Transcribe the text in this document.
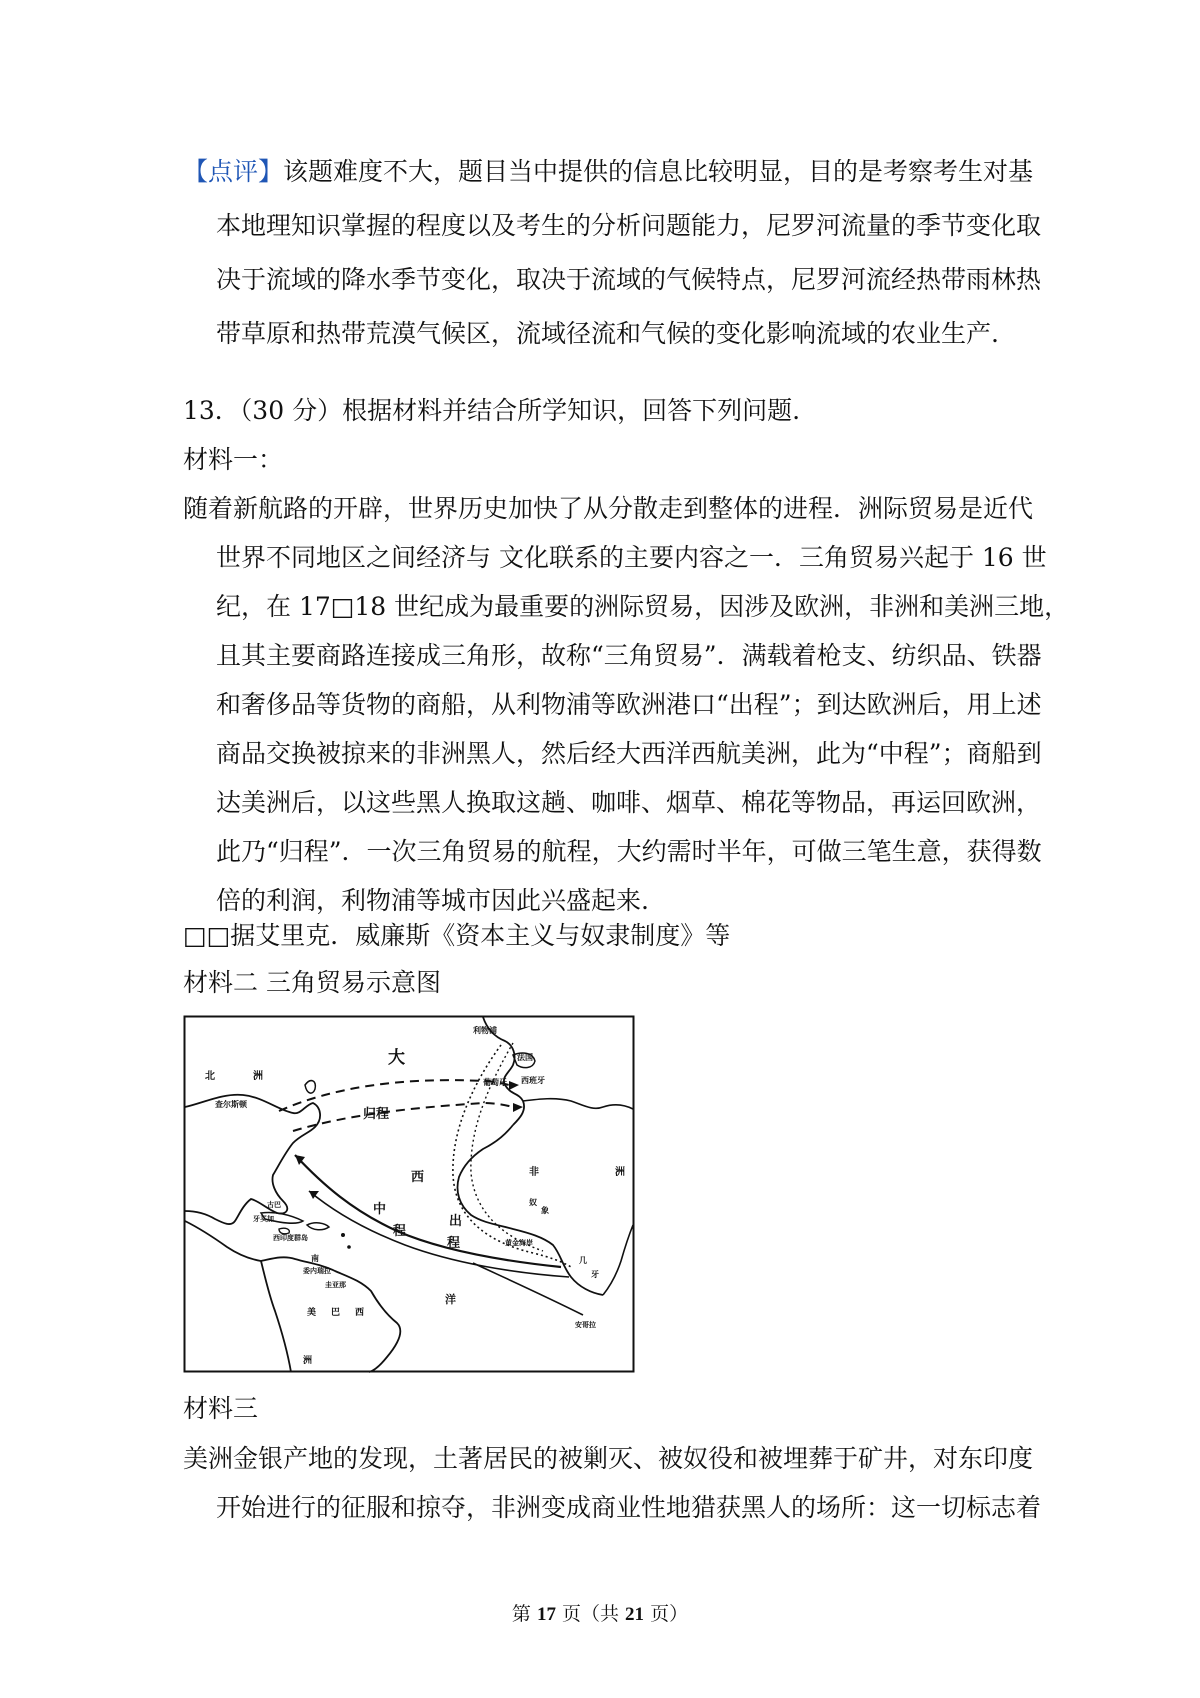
【点评】该题难度不大，题目当中提供的信息比较明显，目的是考察考生对基
本地理知识掌握的程度以及考生的分析问题能力，尼罗河流量的季节变化取
决于流域的降水季节变化，取决于流域的气候特点，尼罗河流经热带雨林热
带草原和热带荒漠气候区，流域径流和气候的变化影响流域的农业生产.
13．（30 分）根据材料并结合所学知识，回答下列问题.
材料一：
随着新航路的开辟，世界历史加快了从分散走到整体的进程．洲际贸易是近代
世界不同地区之间经济与 文化联系的主要内容之一．三角贸易兴起于 16 世
纪，在 17□18 世纪成为最重要的洲际贸易，因涉及欧洲，非洲和美洲三地，
且其主要商路连接成三角形，故称“三角贸易”．满载着枪支、纺织品、铁器
和奢侈品等货物的商船，从利物浦等欧洲港口“出程”；到达欧洲后，用上述
商品交换被掠来的非洲黑人，然后经大西洋西航美洲，此为“中程”；商船到
达美洲后，以这些黑人换取这趟、咖啡、烟草、棉花等物品，再运回欧洲，
此乃“归程”．一次三角贸易的航程，大约需时半年，可做三笔生意，获得数
倍的利润，利物浦等城市因此兴盛起来.
□□据艾里克．威廉斯《资本主义与奴隶制度》等
材料二 三角贸易示意图
北	洲
大
归程
查尔斯顿
利物浦
法国
葡萄牙 西班牙
古巴
牙买加
西印度群岛
西
中
程
出
程
非	洲
奴
象
黄金海岸
几
牙
南
委内瑞拉
圭亚那
美 巴 西
洋
安哥拉
洲
材料三
美洲金银产地的发现，土著居民的被剿灭、被奴役和被埋葬于矿井，对东印度
开始进行的征服和掠夺，非洲变成商业性地猎获黑人的场所：这一切标志着
第 17 页（共 21 页）
